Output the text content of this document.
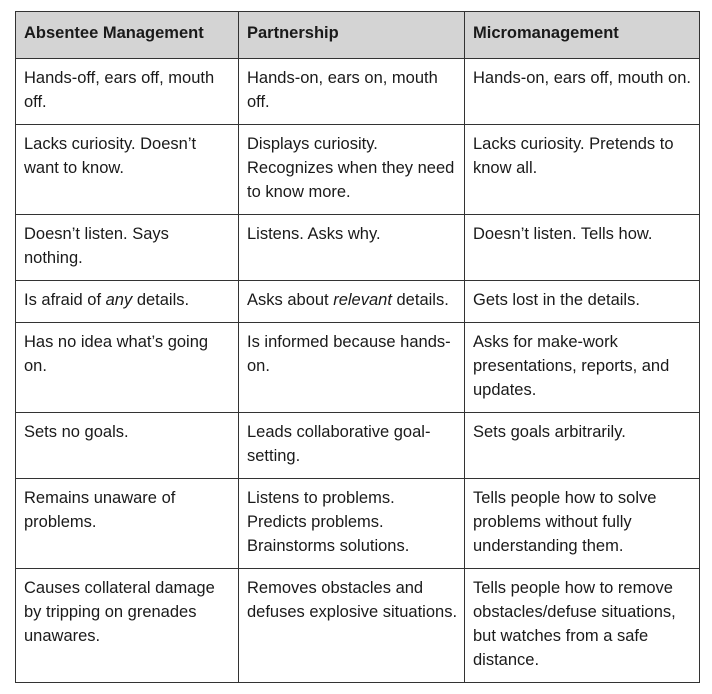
Absentee Management	Partnership	Micromanagement
Hands-off, ears off, mouth off.	Hands-on, ears on, mouth off.	Hands-on, ears off, mouth on.
Lacks curiosity. Doesn’t want to know.	Displays curiosity. Recognizes when they need to know more.	Lacks curiosity. Pretends to know all.
Doesn’t listen. Says nothing.	Listens. Asks why.	Doesn’t listen. Tells how.
Is afraid of any details.	Asks about relevant details.	Gets lost in the details.
Has no idea what’s going on.	Is informed because hands-on.	Asks for make-work presentations, reports, and updates.
Sets no goals.	Leads collaborative goal-setting.	Sets goals arbitrarily.
Remains unaware of problems.	Listens to problems. Predicts problems. Brainstorms solutions.	Tells people how to solve problems without fully understanding them.
Causes collateral damage by tripping on grenades unawares.	Removes obstacles and defuses explosive situations.	Tells people how to remove obstacles/defuse situations, but watches from a safe distance.
